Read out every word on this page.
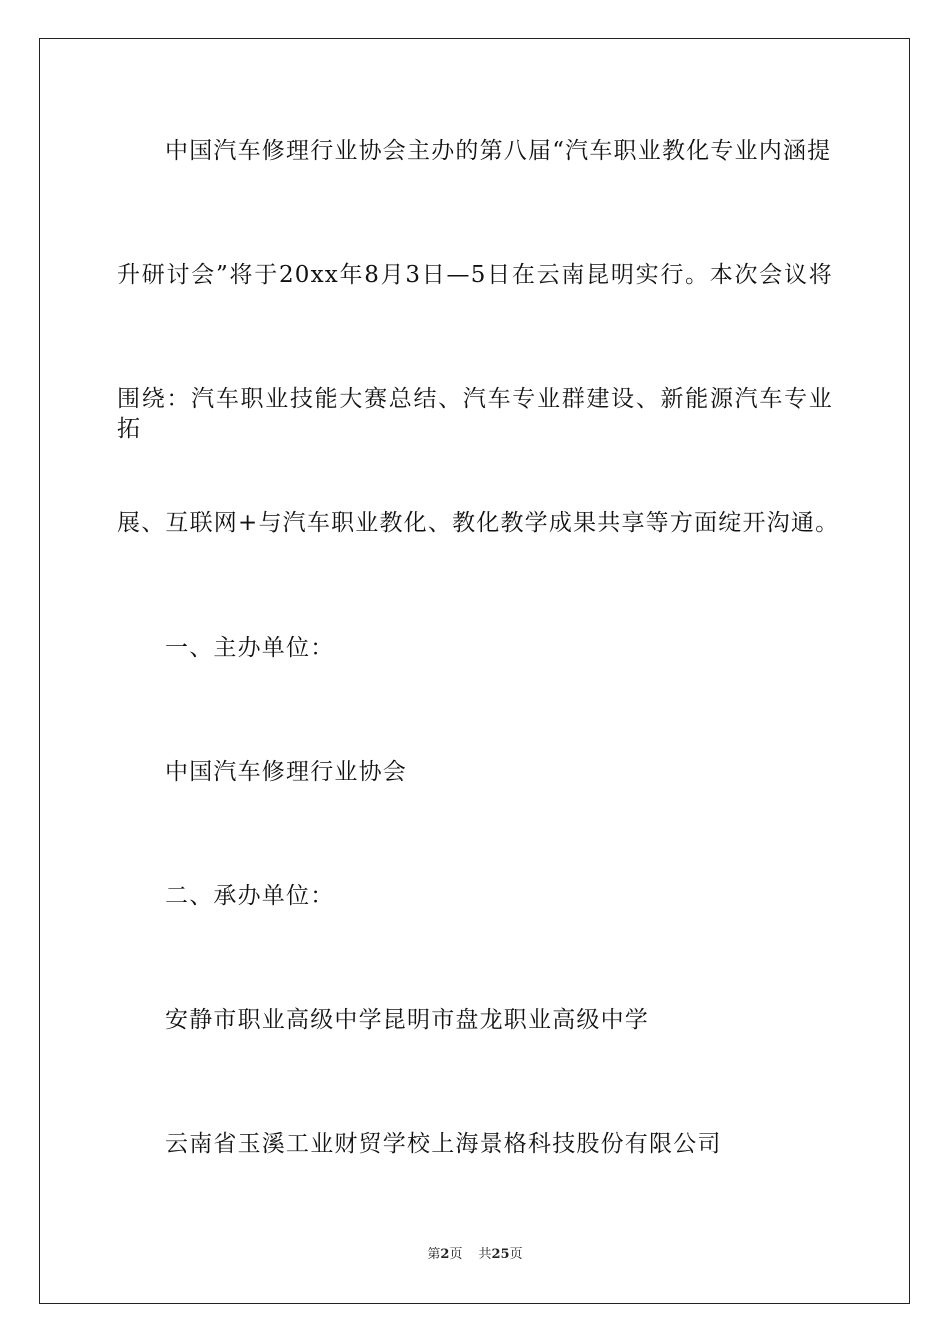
中国汽车修理行业协会主办的第八届“汽车职业教化专业内涵提
升研讨会”将于20xx年8月3日—5日在云南昆明实行。本次会议将
围绕：汽车职业技能大赛总结、汽车专业群建设、新能源汽车专业拓
展、互联网+与汽车职业教化、教化教学成果共享等方面绽开沟通。
一、主办单位：
中国汽车修理行业协会
二、承办单位：
安静市职业高级中学昆明市盘龙职业高级中学
云南省玉溪工业财贸学校上海景格科技股份有限公司
第2页 共25页
